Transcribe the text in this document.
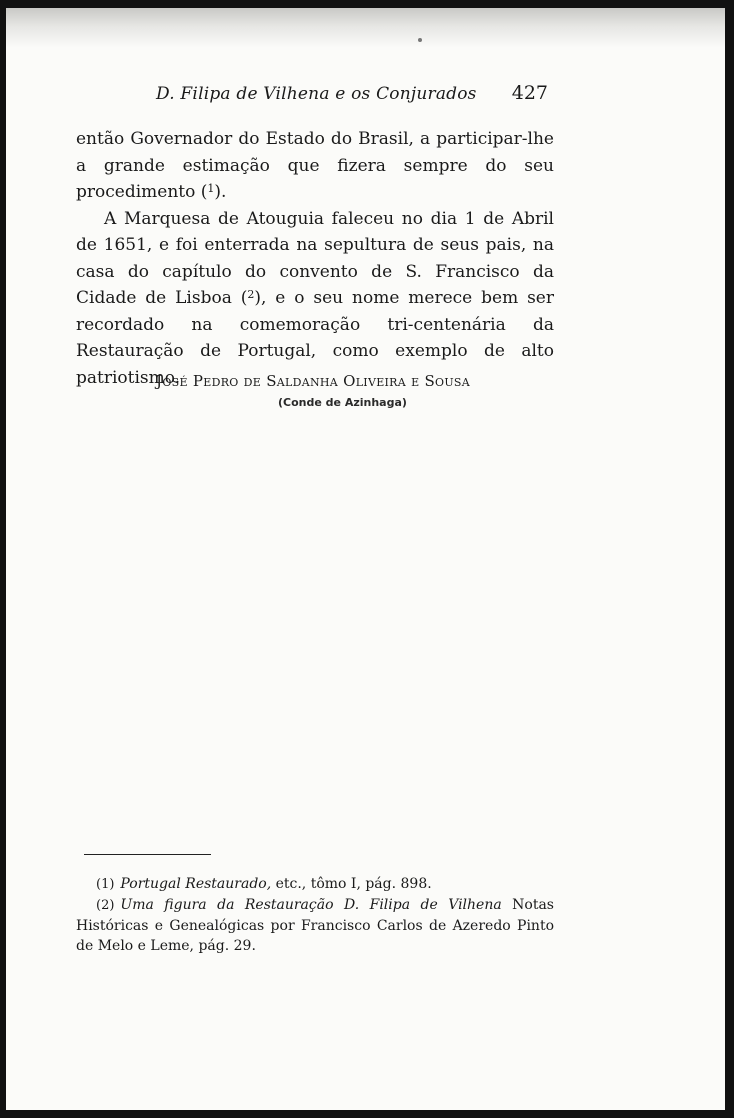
D. Filipa de Vilhena e os Conjurados 427

então Governador do Estado do Brasil, a participar-lhe a grande estimação que fizera sempre do seu procedimento ($^1$).

A Marquesa de Atouguia faleceu no dia 1 de Abril de 1651, e foi enterrada na sepultura de seus pais, na casa do capítulo do convento de S. Francisco da Cidade de Lisboa ($^2$), e o seu nome merece bem ser recordado na comemoração tri-centenária da Restauração de Portugal, como exemplo de alto patriotismo.

José Pedro de Saldanha Oliveira e Sousa
(Conde de Azinhaga)

(1) Portugal Restaurado, etc., tômo I, pág. 898.

(2) Uma figura da Restauração D. Filipa de Vilhena Notas Históricas e Genealógicas por Francisco Carlos de Azeredo Pinto de Melo e Leme, pág. 29.
